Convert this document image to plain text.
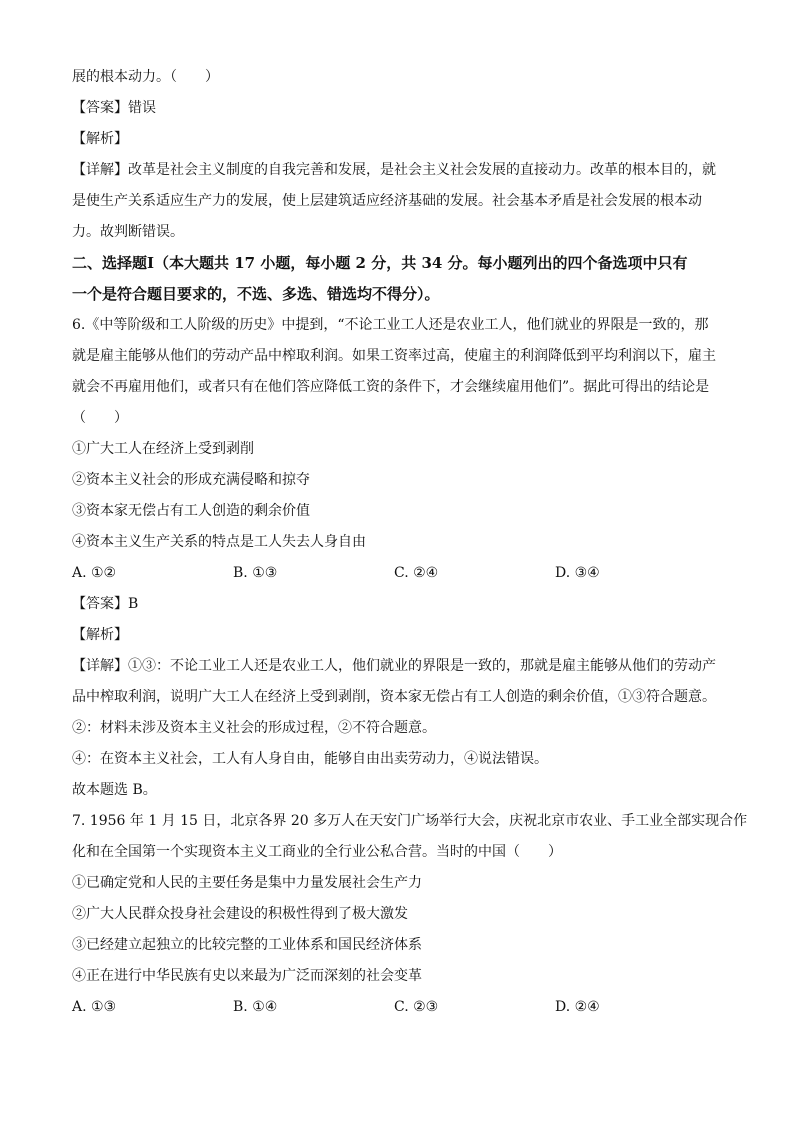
展的根本动力。（　　）
【答案】错误
【解析】
【详解】改革是社会主义制度的自我完善和发展，是社会主义社会发展的直接动力。改革的根本目的，就
是使生产关系适应生产力的发展，使上层建筑适应经济基础的发展。社会基本矛盾是社会发展的根本动
力。故判断错误。
二、选择题Ⅰ（本大题共 17 小题，每小题 2 分，共 34 分。每小题列出的四个备选项中只有
一个是符合题目要求的，不选、多选、错选均不得分）。
6.《中等阶级和工人阶级的历史》中提到，“不论工业工人还是农业工人，他们就业的界限是一致的，那
就是雇主能够从他们的劳动产品中榨取利润。如果工资率过高，使雇主的利润降低到平均利润以下，雇主
就会不再雇用他们，或者只有在他们答应降低工资的条件下，才会继续雇用他们”。据此可得出的结论是
（　　）
①广大工人在经济上受到剥削
②资本主义社会的形成充满侵略和掠夺
③资本家无偿占有工人创造的剩余价值
④资本主义生产关系的特点是工人失去人身自由
A. ①②	B. ①③	C. ②④	D. ③④
【答案】B
【解析】
【详解】①③：不论工业工人还是农业工人，他们就业的界限是一致的，那就是雇主能够从他们的劳动产
品中榨取利润，说明广大工人在经济上受到剥削，资本家无偿占有工人创造的剩余价值，①③符合题意。
②：材料未涉及资本主义社会的形成过程，②不符合题意。
④：在资本主义社会，工人有人身自由，能够自由出卖劳动力，④说法错误。
故本题选 B。
7. 1956 年 1 月 15 日，北京各界 20 多万人在天安门广场举行大会，庆祝北京市农业、手工业全部实现合作
化和在全国第一个实现资本主义工商业的全行业公私合营。当时的中国（　　）
①已确定党和人民的主要任务是集中力量发展社会生产力
②广大人民群众投身社会建设的积极性得到了极大激发
③已经建立起独立的比较完整的工业体系和国民经济体系
④正在进行中华民族有史以来最为广泛而深刻的社会变革
A. ①③	B. ①④	C. ②③	D. ②④
